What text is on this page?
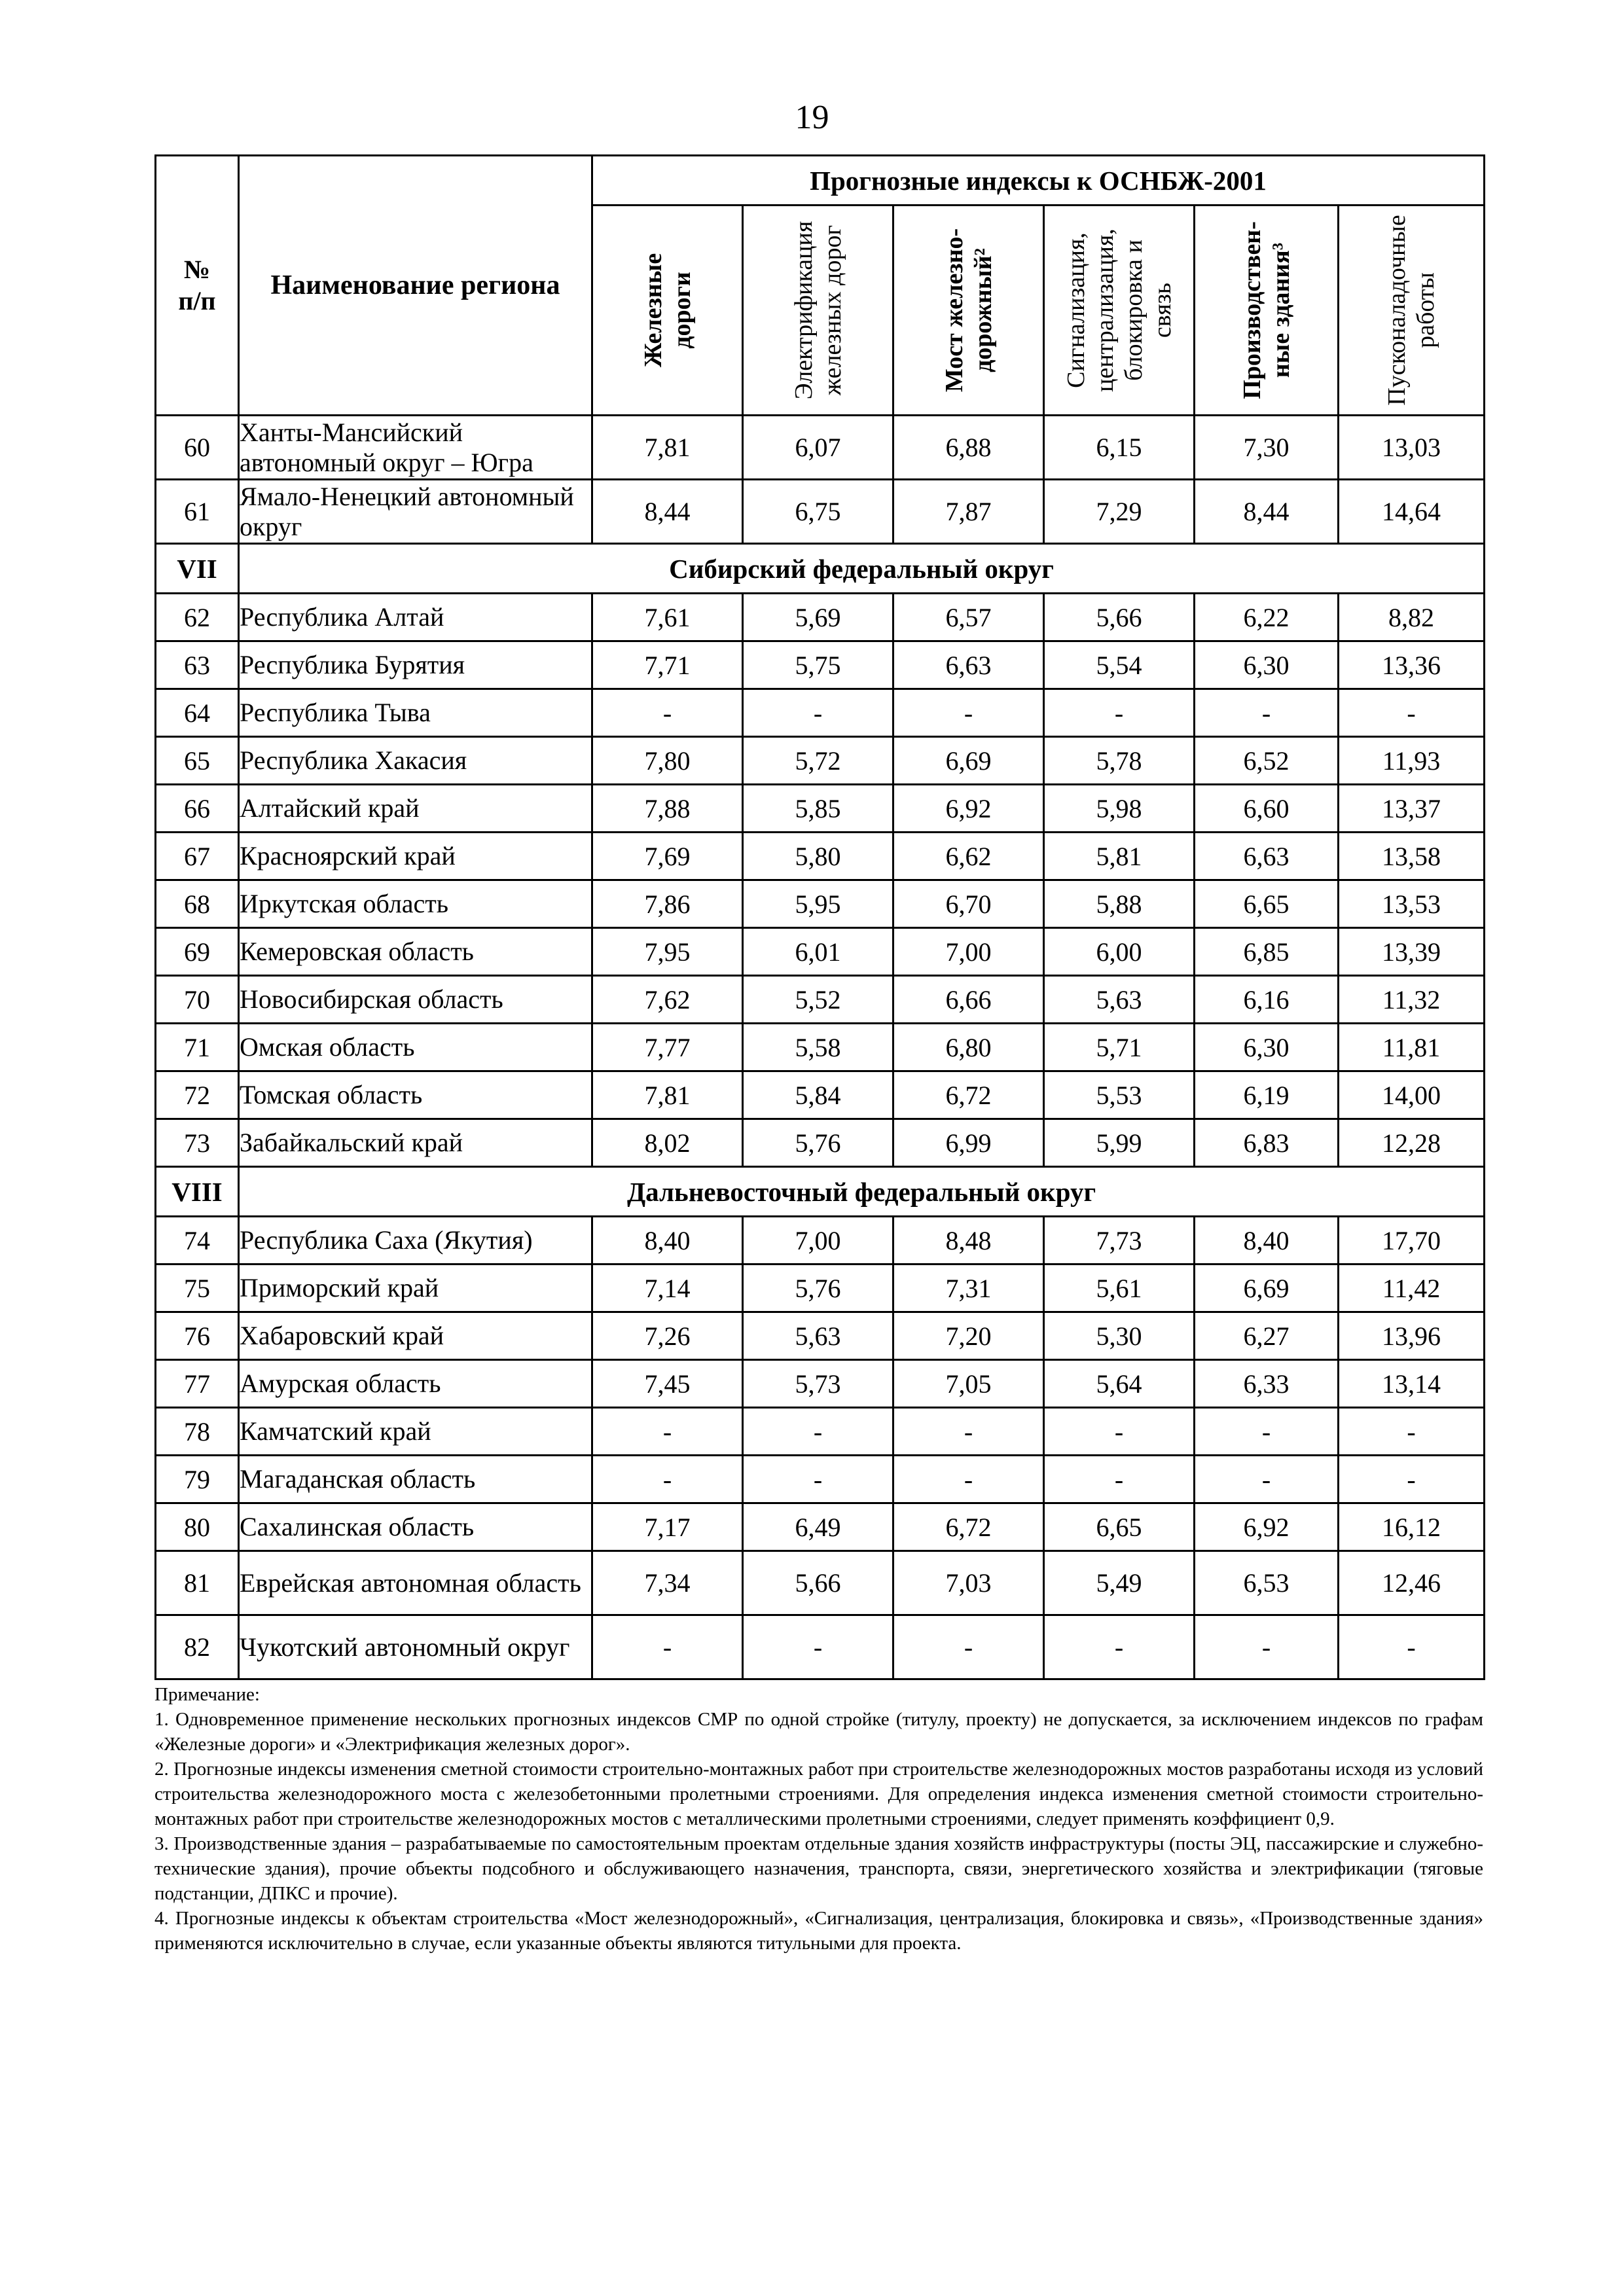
19
№
п/п	Наименование региона	Прогнозные индексы к ОСНБЖ-2001					

		Железные дороги	Электрификация железных дорог	Мост железно-дорожный²	Сигнализация, централизация, блокировка и связь	Производствен-ные здания³	Пусконаладочные работы

60	Ханты-Мансийский автономный округ – Югра	7,81	6,07	6,88	6,15	7,30	13,03
61	Ямало-Ненецкий автономный округ	8,44	6,75	7,87	7,29	8,44	14,64
VII	Сибирский федеральный округ						
62	Республика Алтай	7,61	5,69	6,57	5,66	6,22	8,82
63	Республика Бурятия	7,71	5,75	6,63	5,54	6,30	13,36
64	Республика Тыва	-	-	-	-	-	-
65	Республика Хакасия	7,80	5,72	6,69	5,78	6,52	11,93
66	Алтайский край	7,88	5,85	6,92	5,98	6,60	13,37
67	Красноярский край	7,69	5,80	6,62	5,81	6,63	13,58
68	Иркутская область	7,86	5,95	6,70	5,88	6,65	13,53
69	Кемеровская область	7,95	6,01	7,00	6,00	6,85	13,39
70	Новосибирская область	7,62	5,52	6,66	5,63	6,16	11,32
71	Омская область	7,77	5,58	6,80	5,71	6,30	11,81
72	Томская область	7,81	5,84	6,72	5,53	6,19	14,00
73	Забайкальский край	8,02	5,76	6,99	5,99	6,83	12,28
VIII	Дальневосточный федеральный округ						
74	Республика Саха (Якутия)	8,40	7,00	8,48	7,73	8,40	17,70
75	Приморский край	7,14	5,76	7,31	5,61	6,69	11,42
76	Хабаровский край	7,26	5,63	7,20	5,30	6,27	13,96
77	Амурская область	7,45	5,73	7,05	5,64	6,33	13,14
78	Камчатский край	-	-	-	-	-	-
79	Магаданская область	-	-	-	-	-	-
80	Сахалинская область	7,17	6,49	6,72	6,65	6,92	16,12
81	Еврейская автономная область	7,34	5,66	7,03	5,49	6,53	12,46
82	Чукотский автономный округ	-	-	-	-	-	-

Примечание:

1. Одновременное применение нескольких прогнозных индексов СМР по одной стройке (титулу, проекту) не допускается, за исключением индексов по графам «Железные дороги» и «Электрификация железных дорог».

2. Прогнозные индексы изменения сметной стоимости строительно-монтажных работ при строительстве железнодорожных мостов разработаны исходя из условий строительства железнодорожного моста с железобетонными пролетными строениями. Для определения индекса изменения сметной стоимости строительно-монтажных работ при строительстве железнодорожных мостов с металлическими пролетными строениями, следует применять коэффициент 0,9.

3. Производственные здания – разрабатываемые по самостоятельным проектам отдельные здания хозяйств инфраструктуры (посты ЭЦ, пассажирские и служебно-технические здания), прочие объекты подсобного и обслуживающего назначения, транспорта, связи, энергетического хозяйства и электрификации (тяговые подстанции, ДПКС и прочие).

4. Прогнозные индексы к объектам строительства «Мост железнодорожный», «Сигнализация, централизация, блокировка и связь», «Производственные здания» применяются исключительно в случае, если указанные объекты являются титульными для проекта.
